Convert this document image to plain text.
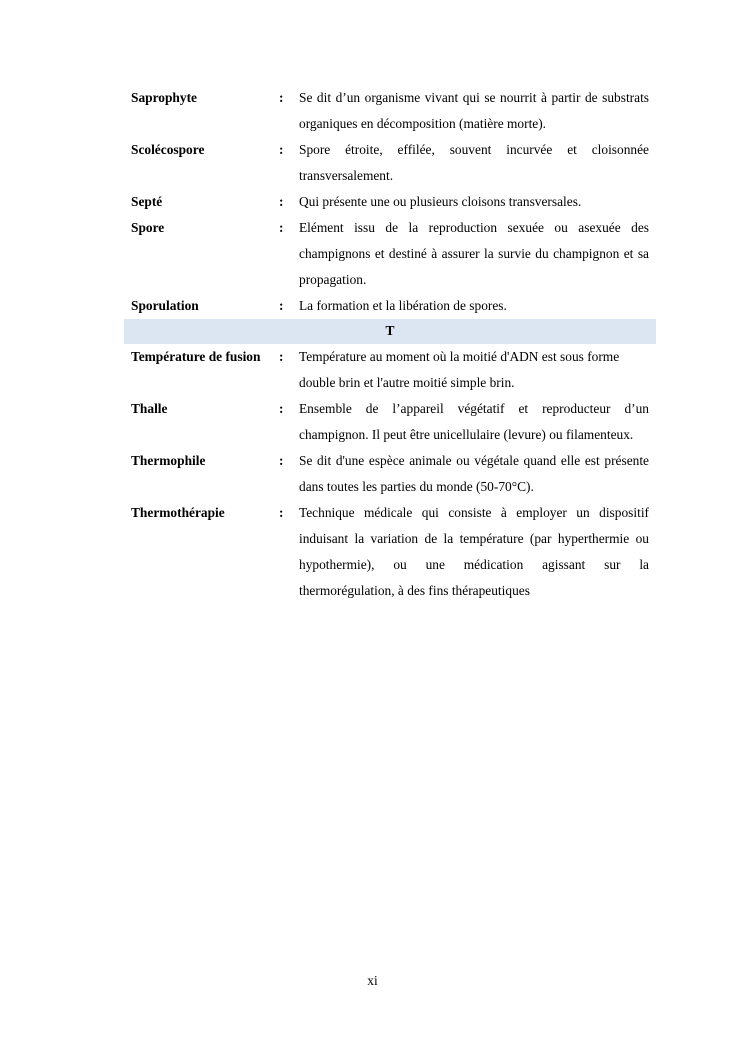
Saprophyte	:	Se dit d’un organisme vivant qui se nourrit à partir de substrats organiques en décomposition (matière morte).
Scolécospore	:	Spore étroite, effilée, souvent incurvée et cloisonnée transversalement.
Septé	:	Qui présente une ou plusieurs cloisons transversales.
Spore	:	Elément issu de la reproduction sexuée ou asexuée des champignons et destiné à assurer la survie du champignon et sa propagation.
Sporulation	:	La formation et la libération de spores.
T
Température de fusion	:	Température au moment où la moitié d'ADN est sous forme double brin et l'autre moitié simple brin.
Thalle	:	Ensemble de l’appareil végétatif et reproducteur d’un champignon. Il peut être unicellulaire (levure) ou filamenteux.
Thermophile	:	Se dit d'une espèce animale ou végétale quand elle est présente dans toutes les parties du monde (50-70°C).
Thermothérapie	:	Technique médicale qui consiste à employer un dispositif induisant la variation de la température (par hyperthermie ou hypothermie), ou une médication agissant sur la thermorégulation, à des fins thérapeutiques
xi
